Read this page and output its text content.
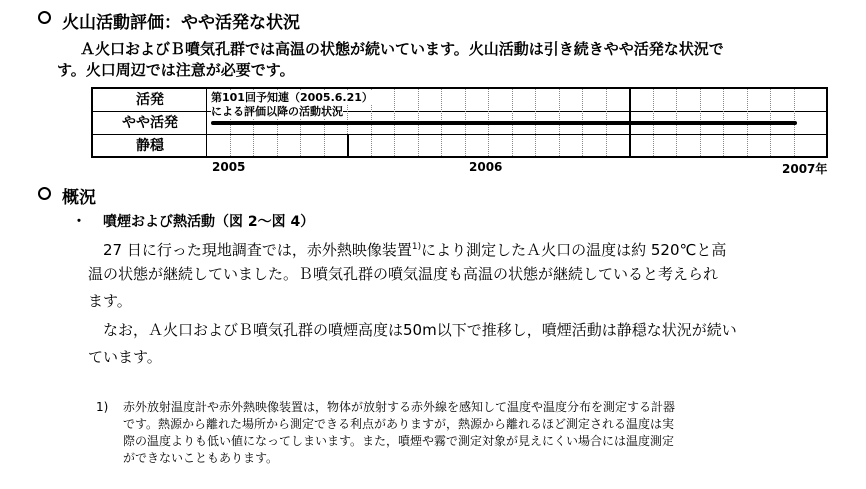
火山活動評価：やや活発な状況
Ａ火口およびＢ噴気孔群では高温の状態が続いています。火山活動は引き続きやや活発な状況で
す。火口周辺では注意が必要です。
活発
やや活発
静穏
第101回予知連（2005.6.21）
による評価以降の活動状況
2005	2006	2007年
概況
・ 噴煙および熱活動（図 2～図 4）
27 日に行った現地調査では，赤外熱映像装置$^{1)}$により測定したＡ火口の温度は約 520℃と高
温の状態が継続していました。Ｂ噴気孔群の噴気温度も高温の状態が継続していると考えられ
ます。
なお，Ａ火口およびＢ噴気孔群の噴煙高度は50m以下で推移し，噴煙活動は静穏な状況が続い
ています。
1) 赤外放射温度計や赤外熱映像装置は，物体が放射する赤外線を感知して温度や温度分布を測定する計器
です。熱源から離れた場所から測定できる利点がありますが，熱源から離れるほど測定される温度は実
際の温度よりも低い値になってしまいます。また，噴煙や霧で測定対象が見えにくい場合には温度測定
ができないこともあります。
